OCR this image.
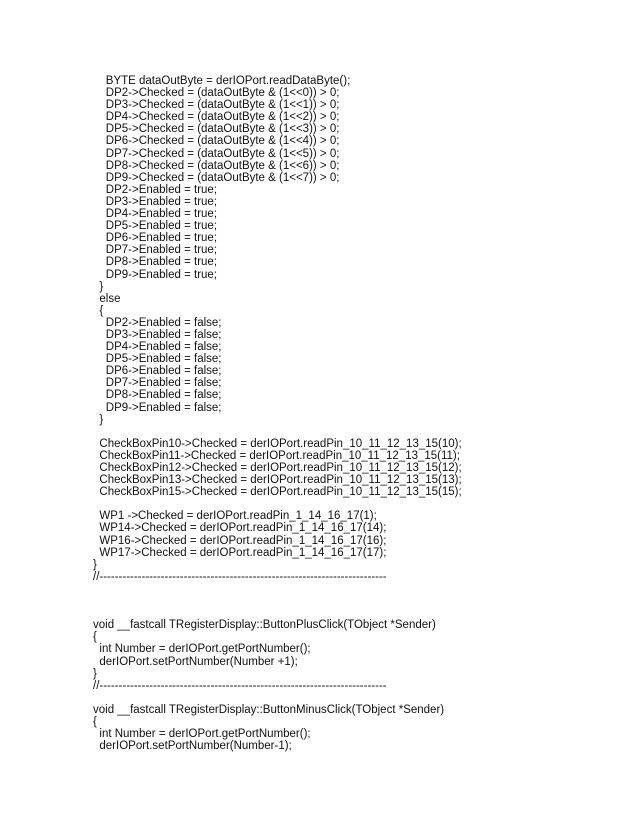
BYTE dataOutByte = derIOPort.readDataByte();
DP2->Checked = (dataOutByte & (1<<0)) > 0;
DP3->Checked = (dataOutByte & (1<<1)) > 0;
DP4->Checked = (dataOutByte & (1<<2)) > 0;
DP5->Checked = (dataOutByte & (1<<3)) > 0;
DP6->Checked = (dataOutByte & (1<<4)) > 0;
DP7->Checked = (dataOutByte & (1<<5)) > 0;
DP8->Checked = (dataOutByte & (1<<6)) > 0;
DP9->Checked = (dataOutByte & (1<<7)) > 0;
DP2->Enabled = true;
DP3->Enabled = true;
DP4->Enabled = true;
DP5->Enabled = true;
DP6->Enabled = true;
DP7->Enabled = true;
DP8->Enabled = true;
DP9->Enabled = true;
}
else
{
DP2->Enabled = false;
DP3->Enabled = false;
DP4->Enabled = false;
DP5->Enabled = false;
DP6->Enabled = false;
DP7->Enabled = false;
DP8->Enabled = false;
DP9->Enabled = false;
}
CheckBoxPin10->Checked = derIOPort.readPin_10_11_12_13_15(10);
CheckBoxPin11->Checked = derIOPort.readPin_10_11_12_13_15(11);
CheckBoxPin12->Checked = derIOPort.readPin_10_11_12_13_15(12);
CheckBoxPin13->Checked = derIOPort.readPin_10_11_12_13_15(13);
CheckBoxPin15->Checked = derIOPort.readPin_10_11_12_13_15(15);
WP1 ->Checked = derIOPort.readPin_1_14_16_17(1);
WP14->Checked = derIOPort.readPin_1_14_16_17(14);
WP16->Checked = derIOPort.readPin_1_14_16_17(16);
WP17->Checked = derIOPort.readPin_1_14_16_17(17);
}
//---------------------------------------------------------------------------
void __fastcall TRegisterDisplay::ButtonPlusClick(TObject *Sender)
{
int Number = derIOPort.getPortNumber();
derIOPort.setPortNumber(Number +1);
}
//---------------------------------------------------------------------------
void __fastcall TRegisterDisplay::ButtonMinusClick(TObject *Sender)
{
int Number = derIOPort.getPortNumber();
derIOPort.setPortNumber(Number-1);
